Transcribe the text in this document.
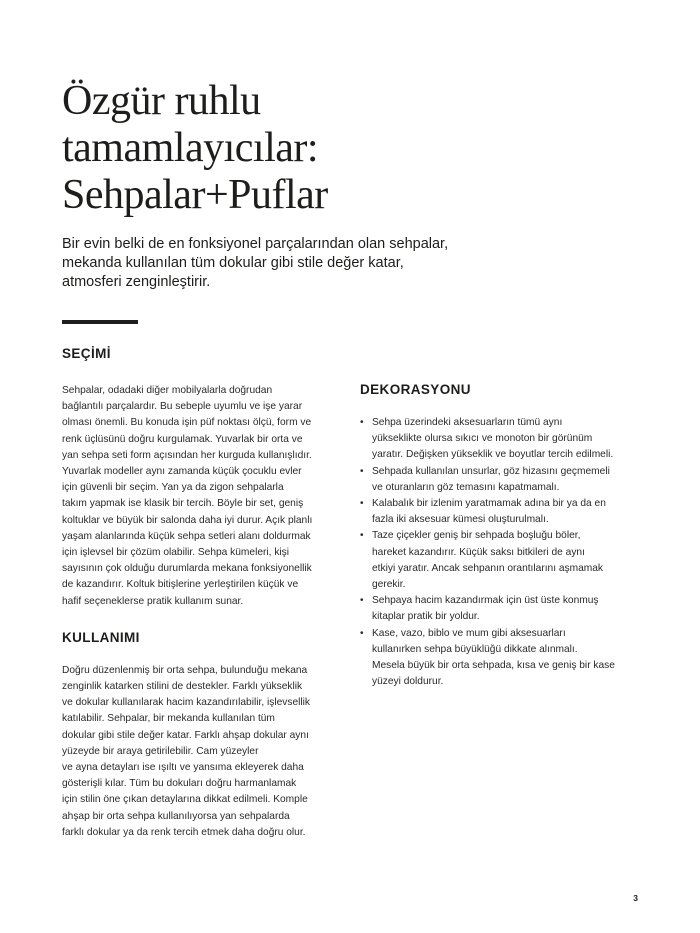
Özgür ruhlu
tamamlayıcılar:
Sehpalar+Puflar

Bir evin belki de en fonksiyonel parçalarından olan sehpalar,
mekanda kullanılan tüm dokular gibi stile değer katar,
atmosferi zenginleştirir.

SEÇİMİ

Sehpalar, odadaki diğer mobilyalarla doğrudan
bağlantılı parçalardır. Bu sebeple uyumlu ve işe yarar
olması önemli. Bu konuda işin püf noktası ölçü, form ve
renk üçlüsünü doğru kurgulamak. Yuvarlak bir orta ve
yan sehpa seti form açısından her kurguda kullanışlıdır.
Yuvarlak modeller aynı zamanda küçük çocuklu evler
için güvenli bir seçim. Yan ya da zigon sehpalarla
takım yapmak ise klasik bir tercih. Böyle bir set, geniş
koltuklar ve büyük bir salonda daha iyi durur. Açık planlı
yaşam alanlarında küçük sehpa setleri alanı doldurmak
için işlevsel bir çözüm olabilir. Sehpa kümeleri, kişi
sayısının çok olduğu durumlarda mekana fonksiyonellik
de kazandırır. Koltuk bitişlerine yerleştirilen küçük ve
hafif seçeneklerse pratik kullanım sunar.

KULLANIMI

Doğru düzenlenmiş bir orta sehpa, bulunduğu mekana
zenginlik katarken stilini de destekler. Farklı yükseklik
ve dokular kullanılarak hacim kazandırılabilir, işlevsellik
katılabilir. Sehpalar, bir mekanda kullanılan tüm
dokular gibi stile değer katar. Farklı ahşap dokular aynı
yüzeyde bir araya getirilebilir. Cam yüzeyler
ve ayna detayları ise ışıltı ve yansıma ekleyerek daha
gösterişli kılar. Tüm bu dokuları doğru harmanlamak
için stilin öne çıkan detaylarına dikkat edilmeli. Komple
ahşap bir orta sehpa kullanılıyorsa yan sehpalarda
farklı dokular ya da renk tercih etmek daha doğru olur.

DEKORASYONU
• Sehpa üzerindeki aksesuarların tümü aynı
yükseklikte olursa sıkıcı ve monoton bir görünüm
yaratır. Değişken yükseklik ve boyutlar tercih edilmeli.
• Sehpada kullanılan unsurlar, göz hizasını geçmemeli
ve oturanların göz temasını kapatmamalı.
• Kalabalık bir izlenim yaratmamak adına bir ya da en
fazla iki aksesuar kümesi oluşturulmalı.
• Taze çiçekler geniş bir sehpada boşluğu böler,
hareket kazandırır. Küçük saksı bitkileri de aynı
etkiyi yaratır. Ancak sehpanın orantılarını aşmamak
gerekir.
• Sehpaya hacim kazandırmak için üst üste konmuş
kitaplar pratik bir yoldur.
• Kase, vazo, biblo ve mum gibi aksesuarları
kullanırken sehpa büyüklüğü dikkate alınmalı.
Mesela büyük bir orta sehpada, kısa ve geniş bir kase
yüzeyi doldurur.
3
